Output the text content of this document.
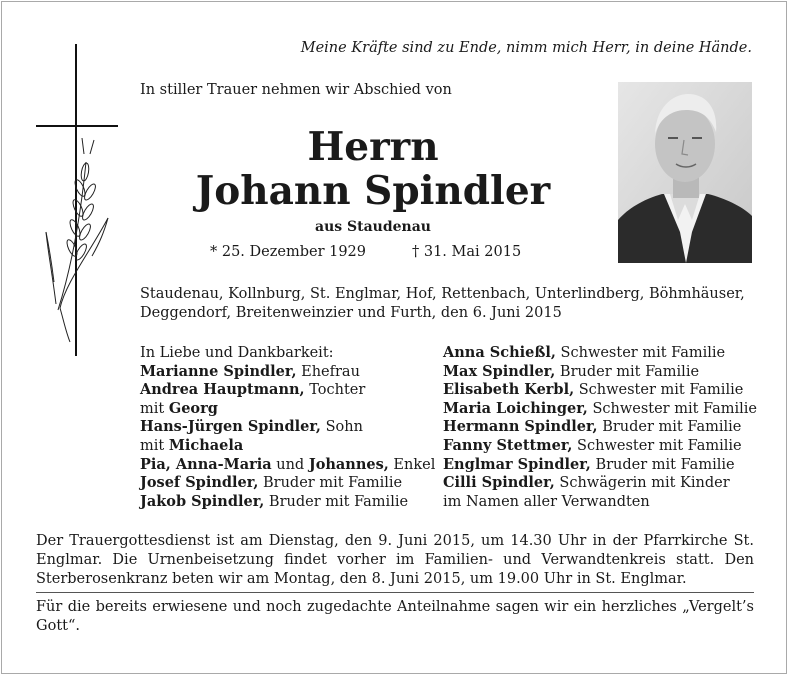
Meine Kräfte sind zu Ende, nimm mich Herr, in deine Hände.
In stiller Trauer nehmen wir Abschied von
Herrn
Johann Spindler
aus Staudenau
* 25. Dezember 1929	† 31. Mai 2015
Staudenau, Kollnburg, St. Englmar, Hof, Rettenbach, Unterlindberg, Böhmhäuser, Deggendorf, Breitenweinzier und Furth, den 6. Juni 2015
In Liebe und Dankbarkeit:
Marianne Spindler, Ehefrau
Andrea Hauptmann, Tochter
mit Georg
Hans-Jürgen Spindler, Sohn
mit Michaela
Pia, Anna-Maria und Johannes, Enkel
Josef Spindler, Bruder mit Familie
Jakob Spindler, Bruder mit Familie
Anna Schießl, Schwester mit Familie
Max Spindler, Bruder mit Familie
Elisabeth Kerbl, Schwester mit Familie
Maria Loichinger, Schwester mit Familie
Hermann Spindler, Bruder mit Familie
Fanny Stettmer, Schwester mit Familie
Englmar Spindler, Bruder mit Familie
Cilli Spindler, Schwägerin mit Kinder
im Namen aller Verwandten
Der Trauergottesdienst ist am Dienstag, den 9. Juni 2015, um 14.30 Uhr in der Pfarrkirche St. Englmar. Die Urnenbeisetzung findet vorher im Familien- und Verwandtenkreis statt. Den Sterberosenkranz beten wir am Montag, den 8. Juni 2015, um 19.00 Uhr in St. Englmar.
Für die bereits erwiesene und noch zugedachte Anteilnahme sagen wir ein herzliches „Vergelt’s Gott“.
